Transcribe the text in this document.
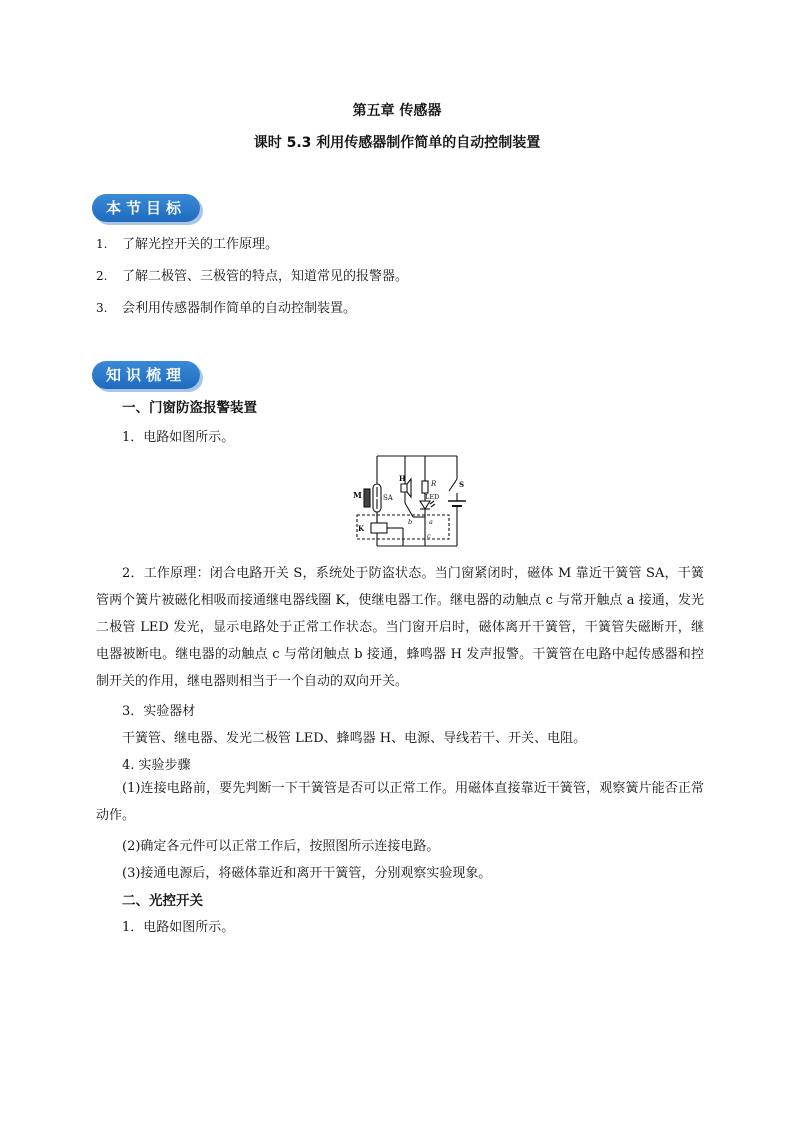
第五章 传感器
课时 5.3 利用传感器制作简单的自动控制装置
本节目标
1. 了解光控开关的工作原理。
2. 了解二极管、三极管的特点，知道常见的报警器。
3. 会利用传感器制作简单的自动控制装置。
知识梳理
一、门窗防盗报警装置
1．电路如图所示。
M	SA
H
R
LED
S
K
a
b
c
2．工作原理：闭合电路开关 S，系统处于防盗状态。当门窗紧闭时，磁体 M 靠近干簧管 SA，干簧管两个簧片被磁化相吸而接通继电器线圈 K，使继电器工作。继电器的动触点 c 与常开触点 a 接通，发光二极管 LED 发光，显示电路处于正常工作状态。当门窗开启时，磁体离开干簧管，干簧管失磁断开，继电器被断电。继电器的动触点 c 与常闭触点 b 接通，蜂鸣器 H 发声报警。干簧管在电路中起传感器和控制开关的作用，继电器则相当于一个自动的双向开关。
3．实验器材
干簧管、继电器、发光二极管 LED、蜂鸣器 H、电源、导线若干、开关、电阻。
4. 实验步骤
(1)连接电路前，要先判断一下干簧管是否可以正常工作。用磁体直接靠近干簧管，观察簧片能否正常动作。
(2)确定各元件可以正常工作后，按照图所示连接电路。
(3)接通电源后，将磁体靠近和离开干簧管，分别观察实验现象。
二、光控开关
1．电路如图所示。
